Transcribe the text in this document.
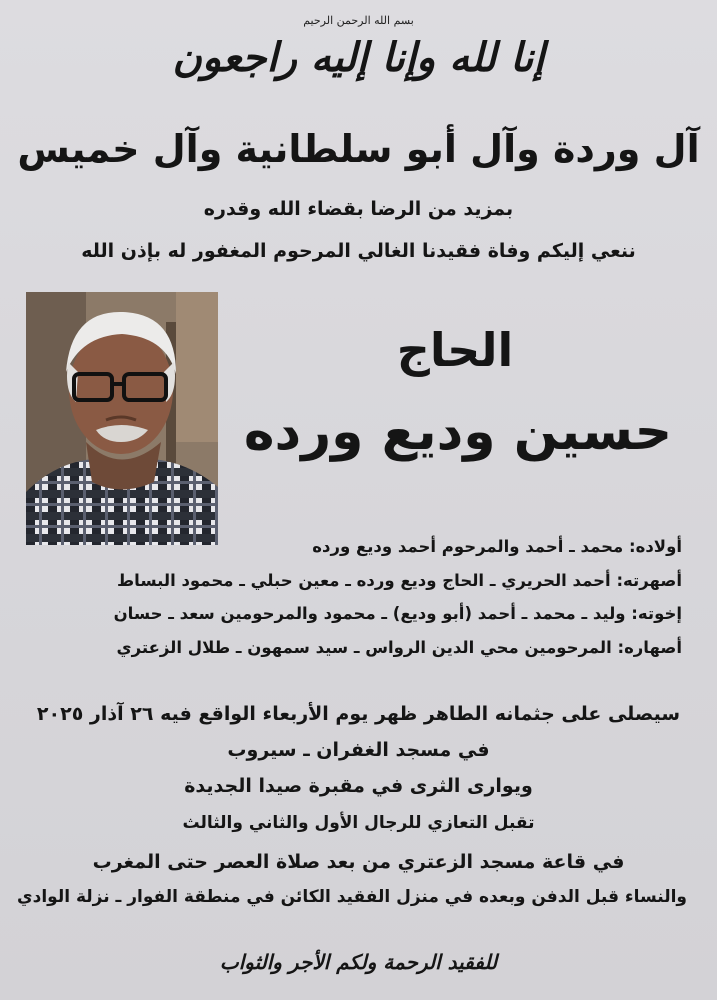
بسم الله الرحمن الرحيم
إنا لله وإنا إليه راجعون
آل وردة وآل أبو سلطانية وآل خميس
بمزيد من الرضا بقضاء الله وقدره
ننعي إليكم وفاة فقيدنا الغالي المرحوم المغفور له بإذن الله
الحاج
حسين وديع ورده
أولاده: محمد ـ أحمد والمرحوم أحمد وديع ورده
أصهرته: أحمد الحريري ـ الحاج وديع ورده ـ معين حبلي ـ محمود البساط
إخوته: وليد ـ محمد ـ أحمد (أبو وديع) ـ محمود والمرحومين سعد ـ حسان
أصهاره: المرحومين محي الدين الرواس ـ سيد سمهون ـ طلال الزعتري
سيصلى على جثمانه الطاهر ظهر يوم الأربعاء الواقع فيه ٢٦ آذار ٢٠٢٥
في مسجد الغفران ـ سيروب
ويوارى الثرى في مقبرة صيدا الجديدة
تقبل التعازي للرجال الأول والثاني والثالث
في قاعة مسجد الزعتري من بعد صلاة العصر حتى المغرب
والنساء قبل الدفن وبعده في منزل الفقيد الكائن في منطقة الفوار ـ نزلة الوادي
للفقيد الرحمة ولكم الأجر والثواب
